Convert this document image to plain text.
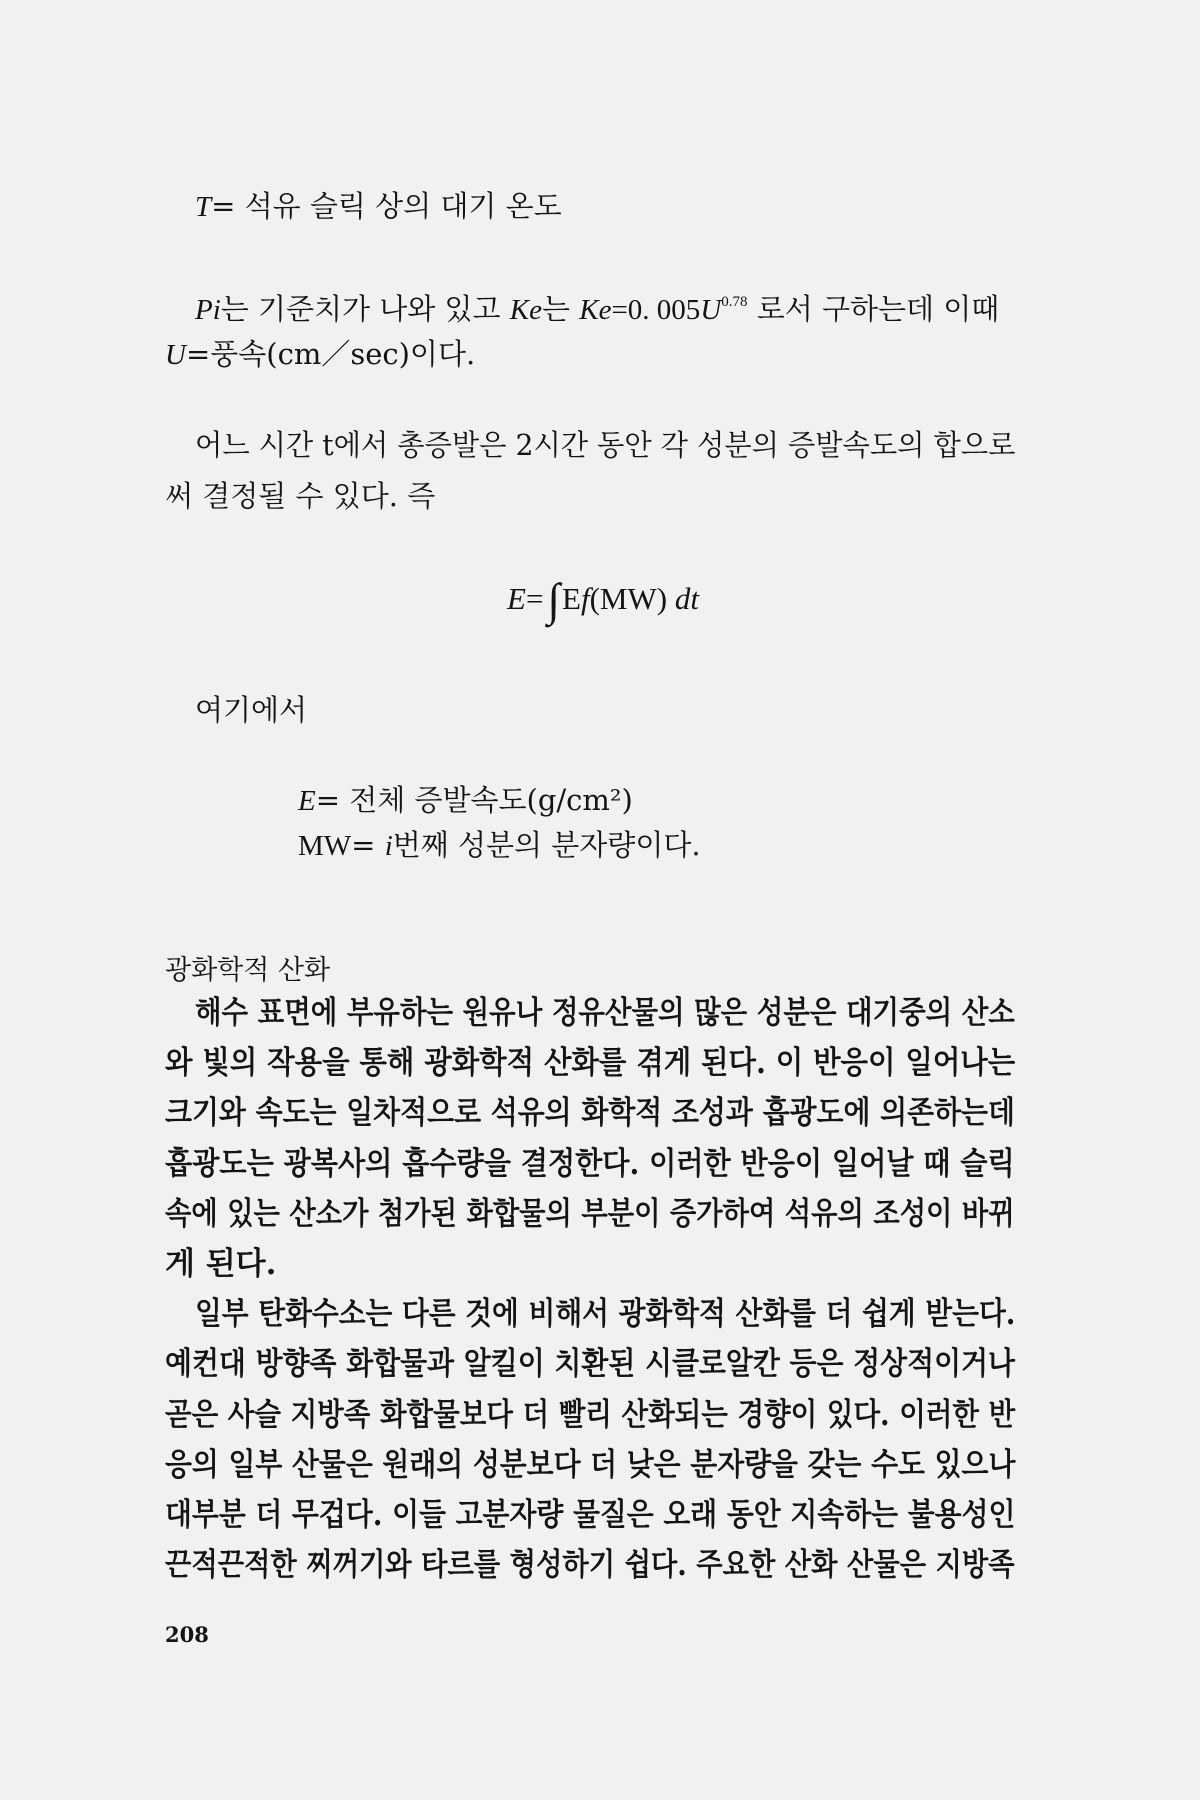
T= 석유 슬릭 상의 대기 온도
Pi는 기준치가 나와 있고 Ke는 Ke=0. $005U^{0.78}$ 로서 구하는데 이때
U=풍속(cm／sec)이다.
어느 시간 t에서 총증발은 2시간 동안 각 성분의 증발속도의 합으로
써 결정될 수 있다. 즉
E=∫Ef(MW) dt
여기에서
E= 전체 증발속도(g/cm²)
MW= i번째 성분의 분자량이다.
광화학적 산화
해수 표면에 부유하는 원유나 정유산물의 많은 성분은 대기중의 산소
와 빛의 작용을 통해 광화학적 산화를 겪게 된다. 이 반응이 일어나는
크기와 속도는 일차적으로 석유의 화학적 조성과 흡광도에 의존하는데
흡광도는 광복사의 흡수량을 결정한다. 이러한 반응이 일어날 때 슬릭
속에 있는 산소가 첨가된 화합물의 부분이 증가하여 석유의 조성이 바뀌
게 된다.
일부 탄화수소는 다른 것에 비해서 광화학적 산화를 더 쉽게 받는다.
예컨대 방향족 화합물과 알킬이 치환된 시클로알칸 등은 정상적이거나
곧은 사슬 지방족 화합물보다 더 빨리 산화되는 경향이 있다. 이러한 반
응의 일부 산물은 원래의 성분보다 더 낮은 분자량을 갖는 수도 있으나
대부분 더 무겁다. 이들 고분자량 물질은 오래 동안 지속하는 불용성인
끈적끈적한 찌꺼기와 타르를 형성하기 쉽다. 주요한 산화 산물은 지방족
208
